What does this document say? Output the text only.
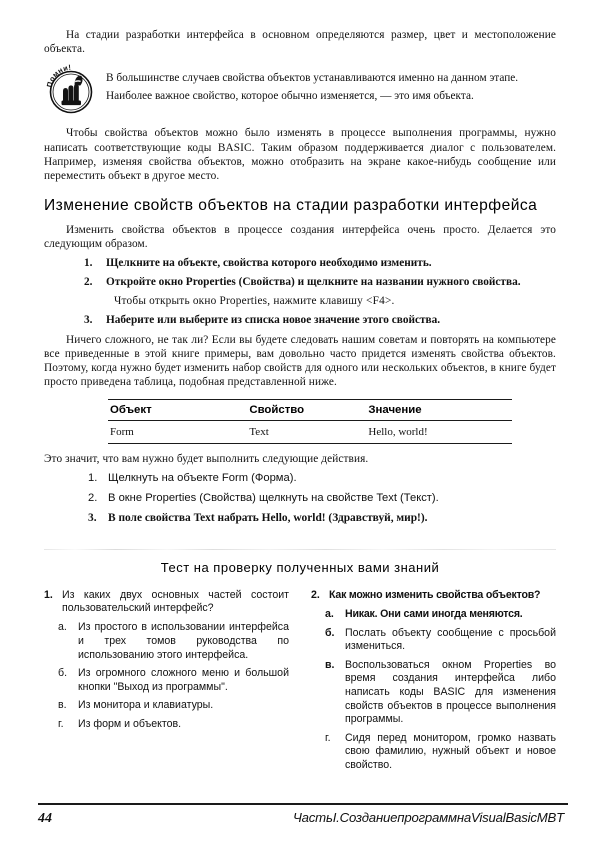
На стадии разработки интерфейса в основном определяются размер, цвет и местоположение объекта.

Помни!

В большинстве случаев свойства объектов устанавливаются именно на данном этапе.

Наиболее важное свойство, которое обычно изменяется, — это имя объекта.

Чтобы свойства объектов можно было изменять в процессе выполнения программы, нужно написать соответствующие коды BASIC. Таким образом поддерживается диалог с пользователем. Например, изменяя свойства объектов, можно отобразить на экране какое-нибудь сообщение или переместить объект в другое место.

Изменение свойств объектов на стадии разработки интерфейса

Изменить свойства объектов в процессе создания интерфейса очень просто. Делается это следующим образом.

1. Щелкните на объекте, свойства которого необходимо изменить.
2. Откройте окно Properties (Свойства) и щелкните на названии нужного свойства.
Чтобы открыть окно Properties, нажмите клавишу <F4>.
3. Наберите или выберите из списка новое значение этого свойства.

Ничего сложного, не так ли? Если вы будете следовать нашим советам и повторять на компьютере все приведенные в этой книге примеры, вам довольно часто придется изменять свойства объектов. Поэтому, когда нужно будет изменить набор свойств для одного или нескольких объектов, в книге будет просто приведена таблица, подобная представленной ниже.

Объект	Свойство	Значение
Form	Text	Hello, world!

Это значит, что вам нужно будет выполнить следующие действия.

1. Щелкнуть на объекте Form (Форма).
2. В окне Properties (Свойства) щелкнуть на свойстве Text (Текст).
3. В поле свойства Text набрать Hello, world! (Здравствуй, мир!).
Тест на проверку полученных вами знаний
1. Из каких двух основных частей состоит пользовательский интерфейс?
а. Из простого в использовании интерфейса и трех томов руководства по использованию этого интерфейса.
б. Из огромного сложного меню и большой кнопки "Выход из программы".
в. Из монитора и клавиатуры.
г. Из форм и объектов.
2. Как можно изменить свойства объектов?
а. Никак. Они сами иногда меняются.
б. Послать объекту сообщение с просьбой измениться.
в. Воспользоваться окном Properties во время создания интерфейса либо написать коды BASIC для изменения свойств объектов в процессе выполнения программы.
г. Сидя перед монитором, громко назвать свою фамилию, нужный объект и новое свойство.
44	ЧастьI.СозданиепрограммнаVisualBasicMBT
